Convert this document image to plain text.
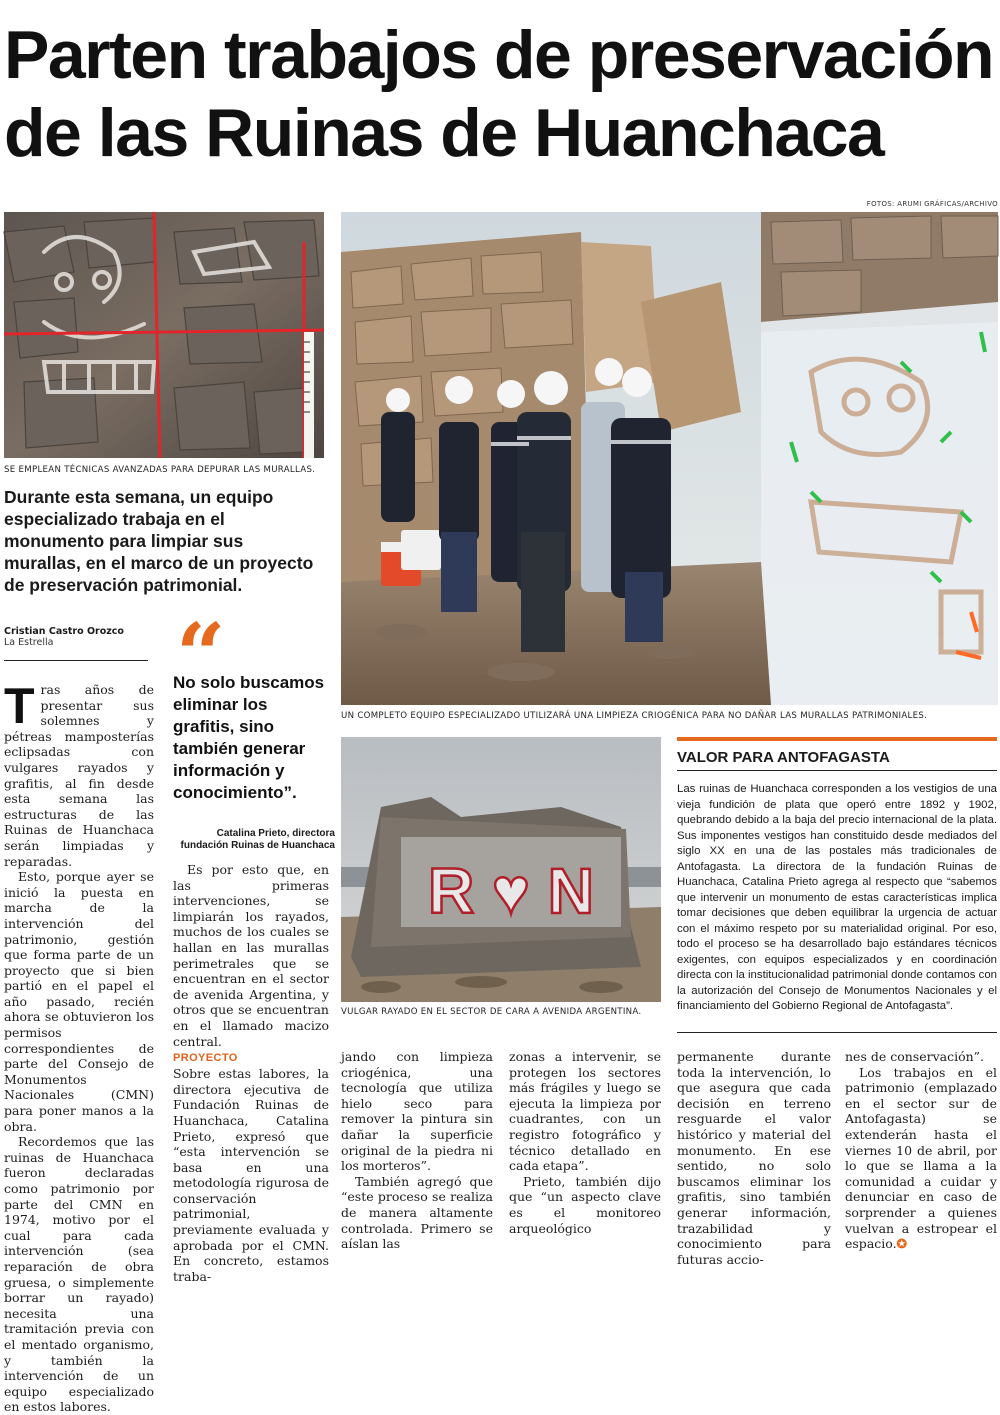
Parten trabajos de preservación
de las Ruinas de Huanchaca
FOTOS: ARUMI GRÁFICAS/ARCHIVO
SE EMPLEAN TÉCNICAS AVANZADAS PARA DEPURAR LAS MURALLAS.
UN COMPLETO EQUIPO ESPECIALIZADO UTILIZARÁ UNA LIMPIEZA CRIOGÉNICA PARA NO DAÑAR LAS MURALLAS PATRIMONIALES.
R ♥ N
VULGAR RAYADO EN EL SECTOR DE CARA A AVENIDA ARGENTINA.
Durante esta semana, un equipo especializado trabaja en el monumento para limpiar sus murallas, en el marco de un proyecto de preservación patrimonial.
Cristian Castro Orozco
La Estrella	“
No solo buscamos eliminar los grafitis, sino también generar información y conocimiento”.
Catalina Prieto, directora
fundación Ruinas de Huanchaca

Tras años de presentar sus solemnes y pétreas mamposterías eclipsadas con vulgares rayados y grafitis, al fin desde esta semana las estructuras de las Ruinas de Huanchaca serán limpiadas y reparadas.

Esto, porque ayer se inició la puesta en marcha de la intervención del patrimonio, gestión que forma parte de un proyecto que si bien partió en el papel el año pasado, recién ahora se obtuvieron los permisos correspondientes de parte del Consejo de Monumentos Nacionales (CMN) para poner manos a la obra.

Recordemos que las ruinas de Huanchaca fueron declaradas como patrimonio por parte del CMN en 1974, motivo por el cual para cada intervención (sea reparación de obra gruesa, o simplemente borrar un rayado) necesita una tramitación previa con el mentado organismo, y también la intervención de un equipo especializado en estos labores.

Es por esto que, en las primeras intervenciones, se limpiarán los rayados, muchos de los cuales se hallan en las murallas perimetrales que se encuentran en el sector de avenida Argentina, y otros que se encuentran en el llamado macizo central.

PROYECTO

Sobre estas labores, la directora ejecutiva de Fundación Ruinas de Huanchaca, Catalina Prieto, expresó que “esta intervención se basa en una metodología rigurosa de conservación patrimonial, previamente evaluada y aprobada por el CMN. En concreto, estamos traba-

jando con limpieza criogénica, una tecnología que utiliza hielo seco para remover la pintura sin dañar la superficie original de la piedra ni los morteros”.

También agregó que “este proceso se realiza de manera altamente controlada. Primero se aíslan las

zonas a intervenir, se protegen los sectores más frágiles y luego se ejecuta la limpieza por cuadrantes, con un registro fotográfico y técnico detallado en cada etapa”.

Prieto, también dijo que “un aspecto clave es el monitoreo arqueológico

permanente durante toda la intervención, lo que asegura que cada decisión en terreno resguarde el valor histórico y material del monumento. En ese sentido, no solo buscamos eliminar los grafitis, sino también generar información, trazabilidad y conocimiento para futuras accio-

nes de conservación”.

Los trabajos en el patrimonio (emplazado en el sector sur de Antofagasta) se extenderán hasta el viernes 10 de abril, por lo que se llama a la comunidad a cuidar y denunciar en caso de sorprender a quienes vuelvan a estropear el espacio.✪

VALOR PARA ANTOFAGASTA
Las ruinas de Huanchaca corresponden a los vestigios de una vieja fundición de plata que operó entre 1892 y 1902, quebrando debido a la baja del precio internacional de la plata. Sus imponentes vestigos han constituido desde mediados del siglo XX en una de las postales más tradicionales de Antofagasta. La directora de la fundación Ruinas de Huanchaca, Catalina Prieto agrega al respecto que “sabemos que intervenir un monumento de estas características implica tomar decisiones que deben equilibrar la urgencia de actuar con el máximo respeto por su materialidad original. Por eso, todo el proceso se ha desarrollado bajo estándares técnicos exigentes, con equipos especializados y en coordinación directa con la institucionalidad patrimonial donde contamos con la autorización del Consejo de Monumentos Nacionales y el financiamiento del Gobierno Regional de Antofagasta”.
